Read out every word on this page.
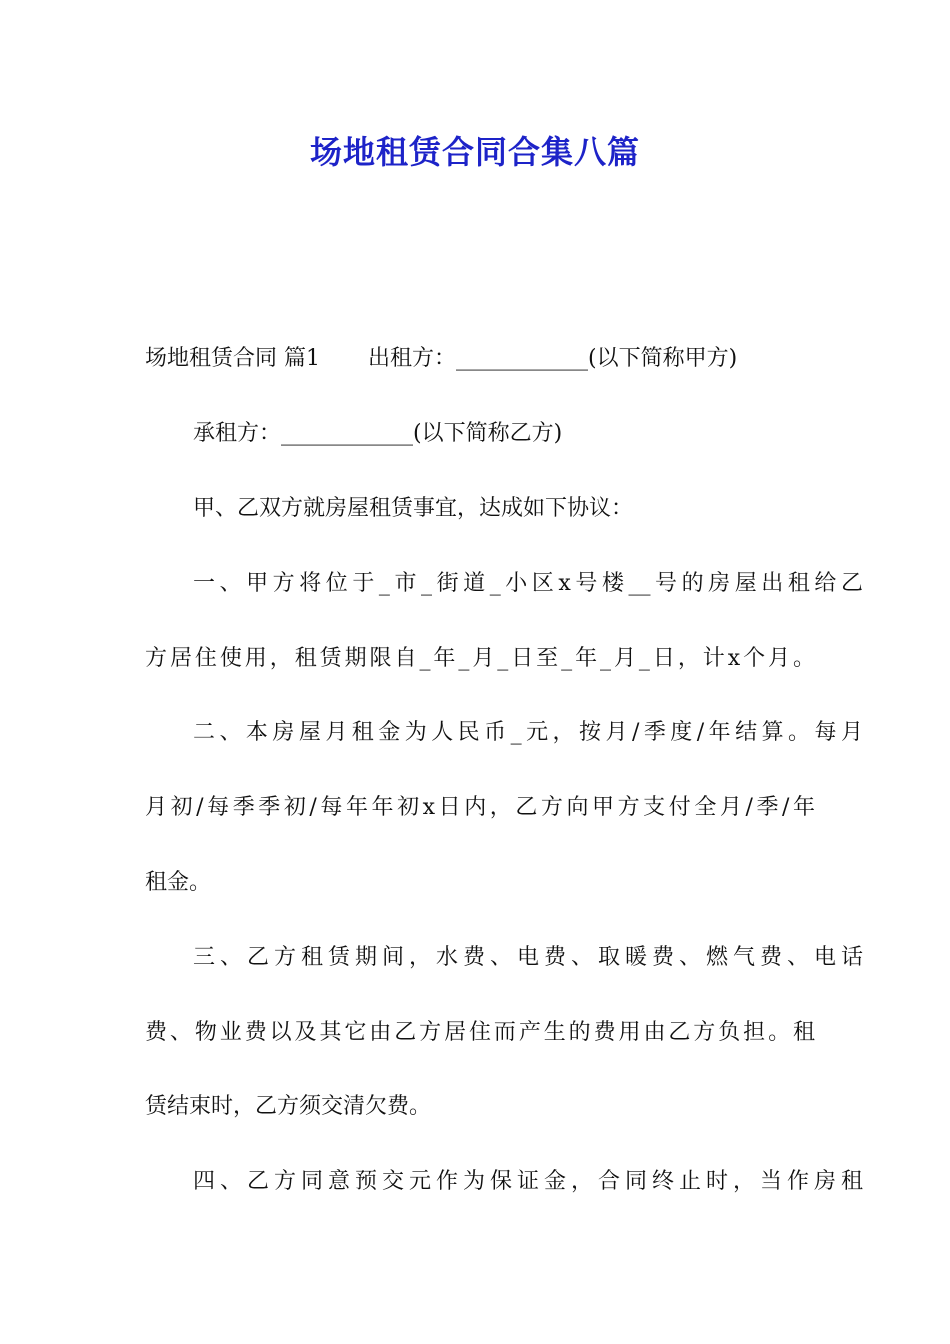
场地租赁合同合集八篇
场地租赁合同 篇1 出租方：____________(以下简称甲方)
承租方：____________(以下简称乙方)
甲、乙双方就房屋租赁事宜，达成如下协议：
一、甲方将位于_市_街道_小区x号楼__号的房屋出租给乙
方居住使用，租赁期限自_年_月_日至_年_月_日，计x个月。
二、本房屋月租金为人民币_元，按月/季度/年结算。每月
月初/每季季初/每年年初x日内，乙方向甲方支付全月/季/年
租金。
三、乙方租赁期间，水费、电费、取暖费、燃气费、电话
费、物业费以及其它由乙方居住而产生的费用由乙方负担。租
赁结束时，乙方须交清欠费。
四、乙方同意预交元作为保证金，合同终止时，当作房租
